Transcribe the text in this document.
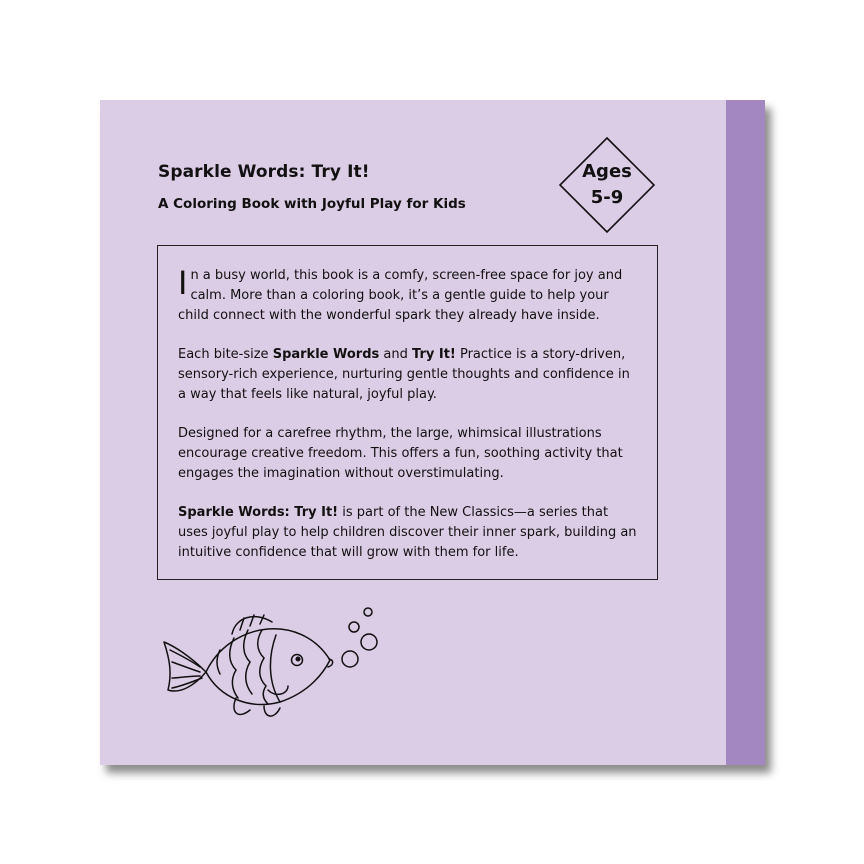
Sparkle Words: Try It!
A Coloring Book with Joyful Play for Kids
Ages
5-9

In a busy world, this book is a comfy, screen-free space for joy and calm. More than a coloring book, it’s a gentle guide to help your child connect with the wonderful spark they already have inside.

Each bite-size Sparkle Words and Try It! Practice is a story-driven, sensory-rich experience, nurturing gentle thoughts and confidence in a way that feels like natural, joyful play.

Designed for a carefree rhythm, the large, whimsical illustrations encourage creative freedom. This offers a fun, soothing activity that engages the imagination without overstimulating.

Sparkle Words: Try It! is part of the New Classics—a series that uses joyful play to help children discover their inner spark, building an intuitive confidence that will grow with them for life.
